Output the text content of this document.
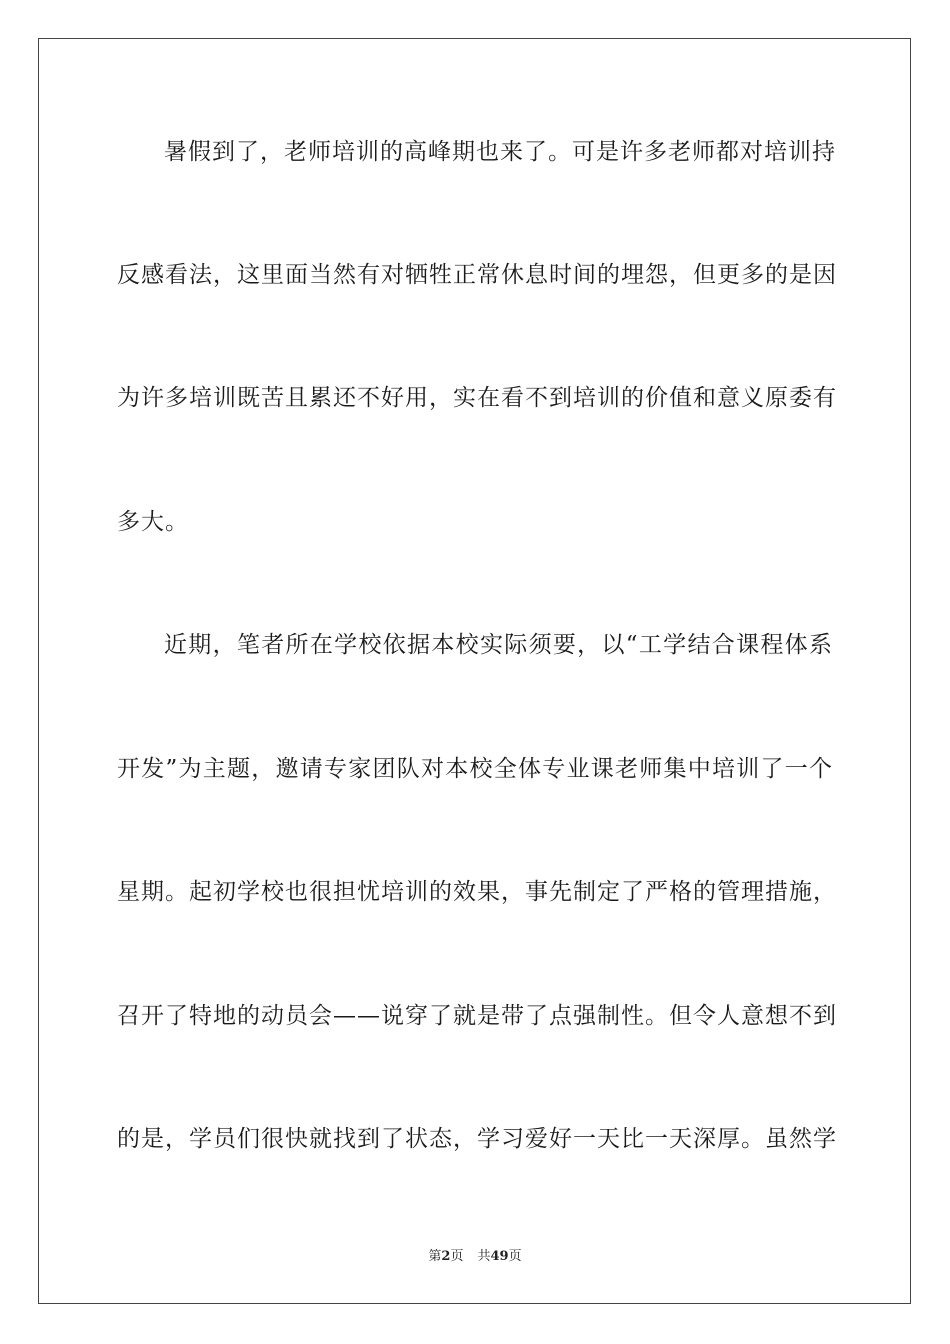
暑假到了，老师培训的高峰期也来了。可是许多老师都对培训持
反感看法，这里面当然有对牺牲正常休息时间的埋怨，但更多的是因
为许多培训既苦且累还不好用，实在看不到培训的价值和意义原委有
多大。
近期，笔者所在学校依据本校实际须要，以“工学结合课程体系
开发”为主题，邀请专家团队对本校全体专业课老师集中培训了一个
星期。起初学校也很担忧培训的效果，事先制定了严格的管理措施，
召开了特地的动员会——说穿了就是带了点强制性。但令人意想不到
的是，学员们很快就找到了状态，学习爱好一天比一天深厚。虽然学
第2页 共49页
